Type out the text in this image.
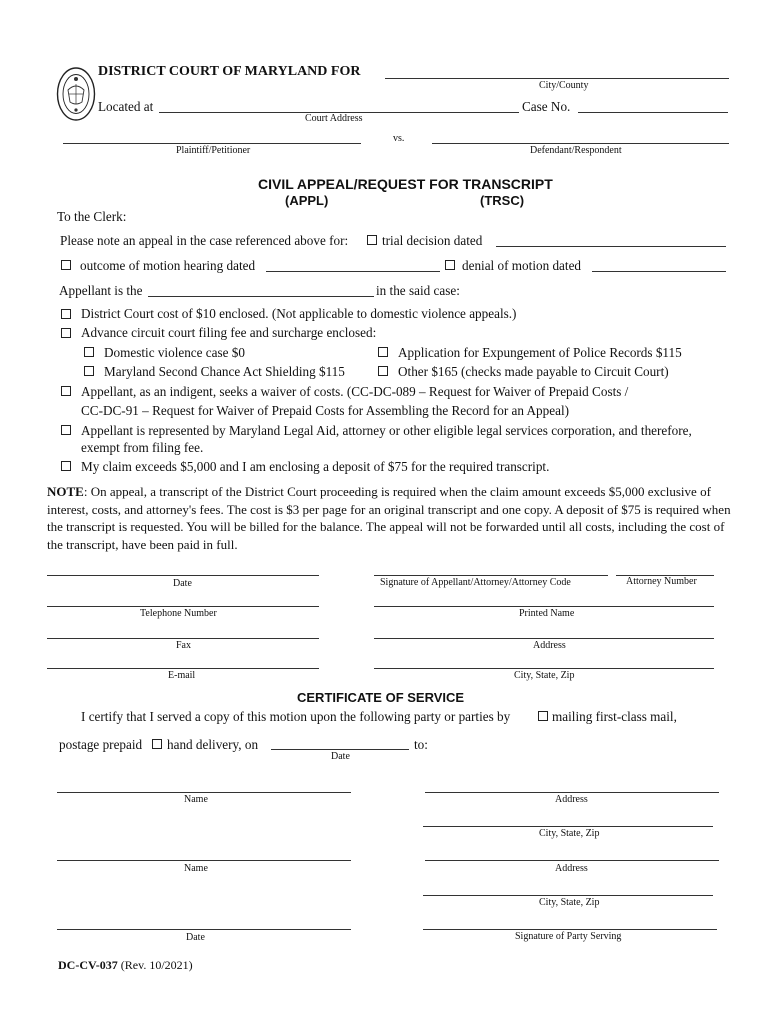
DISTRICT COURT OF MARYLAND FOR
City/County
Located at
Court Address
Case No.
vs.
Plaintiff/Petitioner	Defendant/Respondent
CIVIL APPEAL/REQUEST FOR TRANSCRIPT
(APPL)	(TRSC)
To the Clerk:
Please note an appeal in the case referenced above for:	trial decision dated
outcome of motion hearing dated	denial of motion dated
Appellant is the	in the said case:
District Court cost of $10 enclosed. (Not applicable to domestic violence appeals.)
Advance circuit court filing fee and surcharge enclosed:
Domestic violence case $0	Application for Expungement of Police Records $115
Maryland Second Chance Act Shielding $115	Other $165 (checks made payable to Circuit Court)
Appellant, as an indigent, seeks a waiver of costs. (CC-DC-089 – Request for Waiver of Prepaid Costs /
CC-DC-91 – Request for Waiver of Prepaid Costs for Assembling the Record for an Appeal)
Appellant is represented by Maryland Legal Aid, attorney or other eligible legal services corporation, and therefore,
exempt from filing fee.
My claim exceeds $5,000 and I am enclosing a deposit of $75 for the required transcript.
NOTE: On appeal, a transcript of the District Court proceeding is required when the claim amount exceeds $5,000 exclusive of interest, costs, and attorney's fees. The cost is $3 per page for an original transcript and one copy. A deposit of $75 is required when the transcript is requested. You will be billed for the balance. The appeal will not be forwarded until all costs, including the cost of the transcript, have been paid in full.
Date	Signature of Appellant/Attorney/Attorney Code	Attorney Number
Telephone Number	Printed Name
Fax	Address
E-mail	City, State, Zip
CERTIFICATE OF SERVICE
I certify that I served a copy of this motion upon the following party or parties by	mailing first-class mail,
postage prepaid hand delivery, on	to:
Date
Name	Address
City, State, Zip
Name	Address
City, State, Zip
Date	Signature of Party Serving
DC-CV-037 (Rev. 10/2021)
